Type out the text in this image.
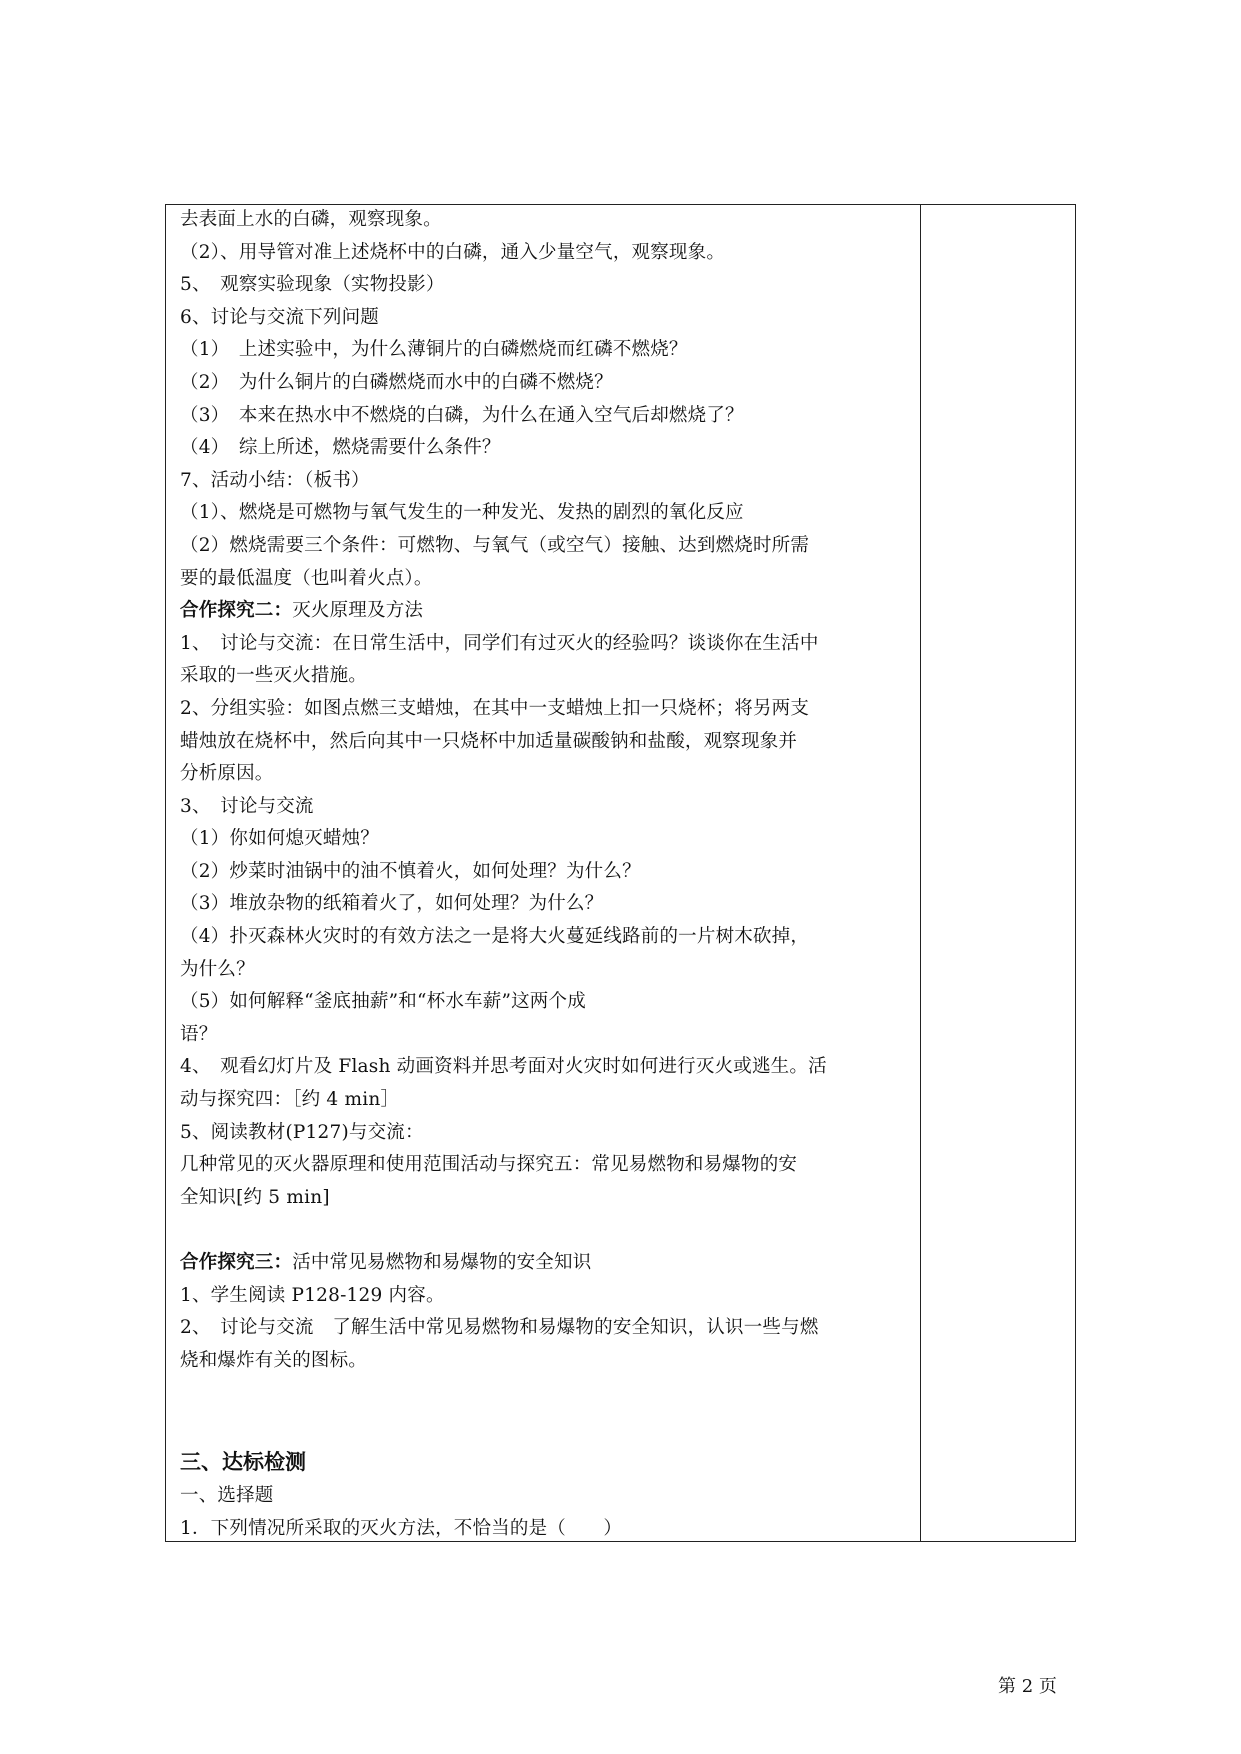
去表面上水的白磷，观察现象。
（2）、用导管对准上述烧杯中的白磷，通入少量空气，观察现象。
5、　观察实验现象（实物投影）
6、讨论与交流下列问题
（1）　上述实验中，为什么薄铜片的白磷燃烧而红磷不燃烧？
（2）　为什么铜片的白磷燃烧而水中的白磷不燃烧？
（3）　本来在热水中不燃烧的白磷，为什么在通入空气后却燃烧了？
（4）　综上所述，燃烧需要什么条件？
7、活动小结：（板书）
（1）、燃烧是可燃物与氧气发生的一种发光、发热的剧烈的氧化反应
（2）燃烧需要三个条件：可燃物、与氧气（或空气）接触、达到燃烧时所需
要的最低温度（也叫着火点）。
合作探究二：灭火原理及方法
1、　讨论与交流：在日常生活中，同学们有过灭火的经验吗？谈谈你在生活中
采取的一些灭火措施。
2、分组实验：如图点燃三支蜡烛，在其中一支蜡烛上扣一只烧杯；将另两支
蜡烛放在烧杯中，然后向其中一只烧杯中加适量碳酸钠和盐酸，观察现象并
分析原因。
3、　讨论与交流
（1）你如何熄灭蜡烛？
（2）炒菜时油锅中的油不慎着火，如何处理？为什么？
（3）堆放杂物的纸箱着火了，如何处理？为什么？
（4）扑灭森林火灾时的有效方法之一是将大火蔓延线路前的一片树木砍掉，
为什么？
（5）如何解释“釜底抽薪”和“杯水车薪”这两个成
语？
4、　观看幻灯片及 Flash 动画资料并思考面对火灾时如何进行灭火或逃生。活
动与探究四：［约 4 min］
5、阅读教材(P127)与交流：
几种常见的灭火器原理和使用范围活动与探究五：常见易燃物和易爆物的安
全知识[约 5 min]
合作探究三：活中常见易燃物和易爆物的安全知识
1、学生阅读 P128-129 内容。
2、　讨论与交流　了解生活中常见易燃物和易爆物的安全知识，认识一些与燃
烧和爆炸有关的图标。
三、达标检测
一、选择题
1．下列情况所采取的灭火方法，不恰当的是（　　）
第 2 页
